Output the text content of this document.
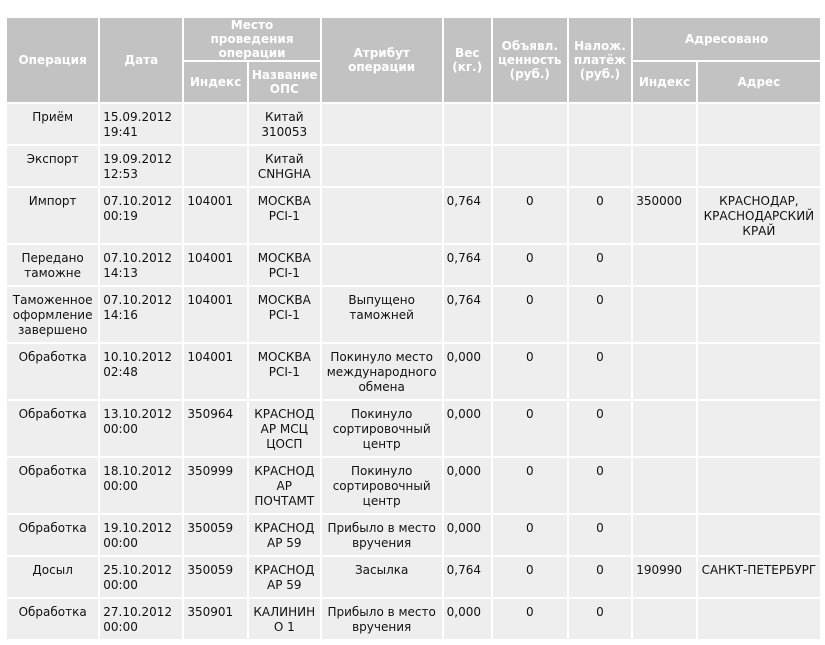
Операция	Дата	Место проведения операции		Атрибут операции	Вес (кг.)	Объявл. ценность (руб.)	Налож. платёж (руб.)	Адресовано	
		Индекс	Название ОПС					Индекс	Адрес
Приём	15.09.2012 19:41		Китай 310053						
Экспорт	19.09.2012 12:53		Китай CNHGHA						
Импорт	07.10.2012 00:19	104001	МОСКВА PCI-1		0,764	0	0	350000	КРАСНОДАР, КРАСНОДАРСКИЙ КРАЙ
Передано таможне	07.10.2012 14:13	104001	МОСКВА PCI-1		0,764	0	0		
Таможенное оформление завершено	07.10.2012 14:16	104001	МОСКВА PCI-1	Выпущено таможней	0,764	0	0		
Обработка	10.10.2012 02:48	104001	МОСКВА PCI-1	Покинуло место международного обмена	0,000	0	0		
Обработка	13.10.2012 00:00	350964	КРАСНОДАР МСЦ ЦОСП	Покинуло сортировочный центр	0,000	0	0		
Обработка	18.10.2012 00:00	350999	КРАСНОДАР ПОЧТАМТ	Покинуло сортировочный центр	0,000	0	0		
Обработка	19.10.2012 00:00	350059	КРАСНОДАР 59	Прибыло в место вручения	0,000	0	0		
Досыл	25.10.2012 00:00	350059	КРАСНОДАР 59	Засылка	0,764	0	0	190990	САНКТ-ПЕТЕРБУРГ
Обработка	27.10.2012 00:00	350901	КАЛИНИНО 1	Прибыло в место вручения	0,000	0	0		
